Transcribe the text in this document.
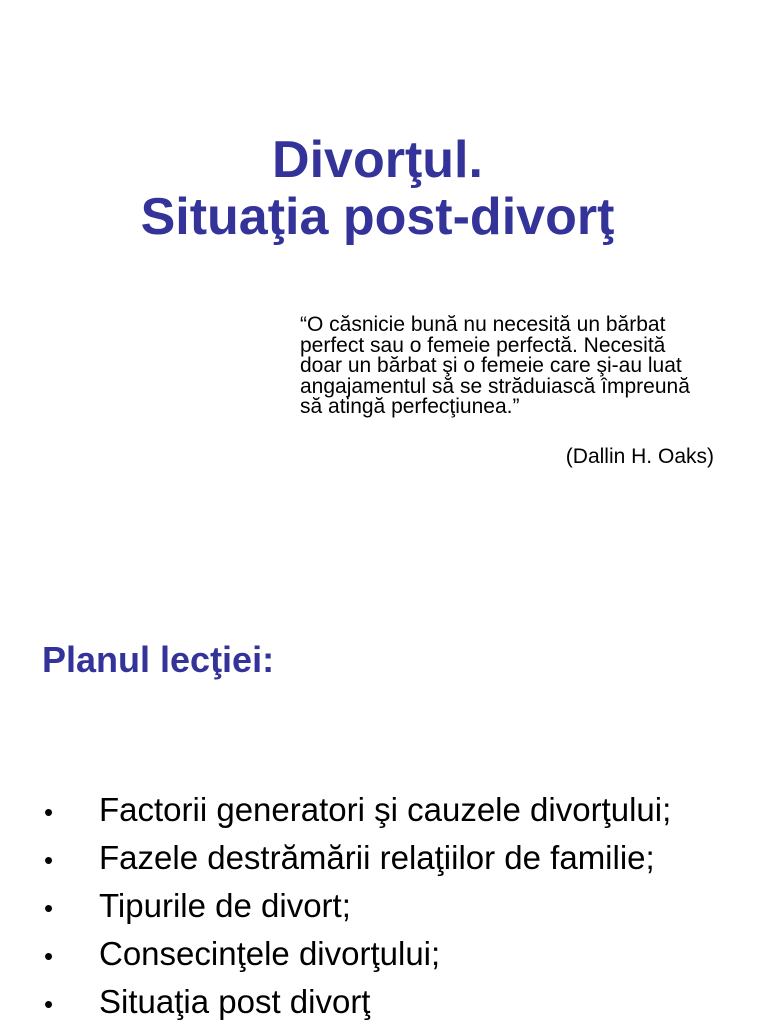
Divorţul.
Situaţia post-divorţ
“O căsnicie bună nu necesită un bărbat
perfect sau o femeie perfectă. Necesită
doar un bărbat şi o femeie care şi-au luat
angajamentul să se străduiască împreună
să atingă perfecţiunea.”
(Dallin H. Oaks)
Planul lecţiei:
•	Factorii generatori şi cauzele divorţului;
•	Fazele destrămării relaţiilor de familie;
•	Tipurile de divort;
•	Consecinţele divorţului;
•	Situaţia post divorţ
